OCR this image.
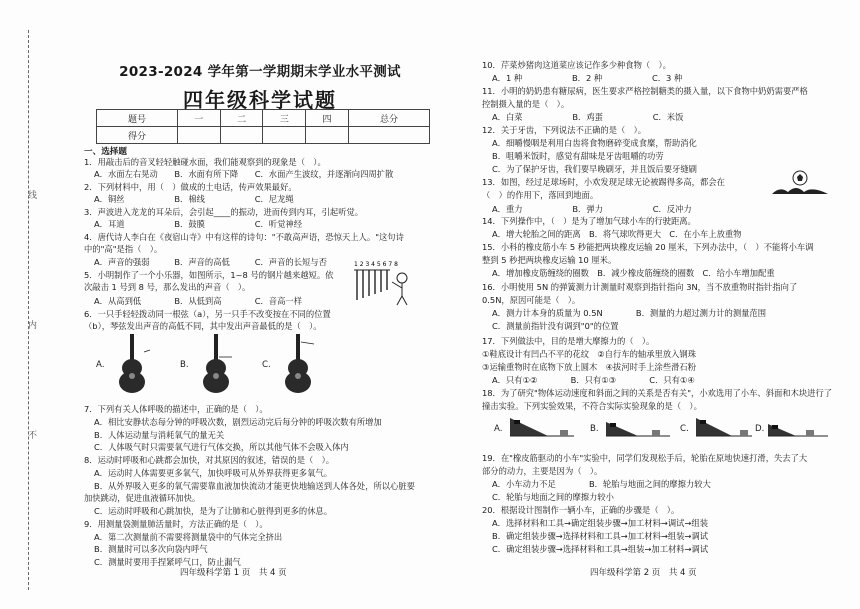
线
内
不
2023-2024 学年第一学期期末学业水平测试
四年级科学试题
题号	一	二	三	四	总分
得分					
一、选择题
1．用敲击后的音叉轻轻触碰水面，我们能观察到的现象是（　）。
A．水面左右晃动　　B．水面有所下降　　C．水面产生波纹，并逐渐向四周扩散
2．下列材料中，用（　）做成的土电话，传声效果最好。
A．铜丝　　　　　　B．棉线　　　　　　C．尼龙绳
3．声波进入龙龙的耳朵后，会引起____的振动，进而传到内耳，引起听觉。
A．耳道　　　　　　B．鼓膜　　　　　　C．听觉神经
4．唐代诗人李白在《夜宿山寺》中有这样的诗句："不敢高声语，恐惊天上人。"这句诗
中的"高"是指（　）。
A．声音的强弱　　　B．声音的高低　　　C．声音的长短与否
5．小明制作了一个小乐器，如图所示，1~8 号的钢片越来越短。依
次敲击 1 号到 8 号，那么发出的声音（　）。
A．从高到低　　　　B．从低到高　　　　C．音高一样
6．一只手轻轻拨动同一根弦（a），另一只手不改变按在不同的位置
（b），琴弦发出声音的高低不同，其中发出声音最低的是（　）。
7．下列有关人体呼吸的描述中，正确的是（　）。
A．相比安静状态每分钟的呼吸次数，剧烈运动完后每分钟的呼吸次数有所增加
B．人体运动量与消耗氧气的量无关
C．人体吸气时只需要氧气进行气体交换，所以其他气体不会吸入体内
8．运动时呼吸和心跳都会加快，对其原因的叙述，错误的是（　）。
A．运动时人体需要更多氧气，加快呼吸可从外界获得更多氧气。
B．从外界吸入更多的氧气需要靠血液加快流动才能更快地输送到人体各处，所以心脏要
加快跳动，促进血液循环加快。
C．运动时呼吸和心跳加快，是为了让肺和心脏得到更多的休息。
9．用测量袋测量肺活量时，方法正确的是（　）。
A．第二次测量前不需要将测量袋中的气体完全挤出
B．测量时可以多次向袋内呼气
C．测量时要用手捏紧呼气口，防止漏气
1 2 3 4 5 6 7 8
A.	B.	C.
10．芹菜炒猪肉这道菜应该记作多少种食物（　）。
A．1 种　　　　　　B．2 种　　　　　　C．3 种
11．小明的奶奶患有糖尿病，医生要求严格控制糖类的摄入量，以下食物中奶奶需要严格
控制摄入量的是（　）。
A．白菜　　　　　　B．鸡蛋　　　　　　C．米饭
12．关于牙齿，下列说法不正确的是（　）。
A．细嚼慢咽是利用白齿将食物磨碎变成食糜，帮助消化
B．咀嚼米饭时，感觉有甜味是牙齿咀嚼的功劳
C．为了保护牙齿，我们要早晚刷牙，并且饭后要牙缝刷
13．如图，经过足球场时，小欢发现足球无论被踢得多高，都会在
（　）的作用下，落回到地面。
A．重力　　　　　　B．弹力　　　　　　C．反冲力
14．下列操作中，（　）是为了增加气球小车的行驶距离。
A．增大轮胎之间的距离　B．将气球吹得更大　C．在小车上放重物
15．小科的橡皮筋小车 5 秒能把两块橡皮运输 20 厘米，下列办法中，（　）不能将小车调
整到 5 秒把两块橡皮运输 10 厘米。
A．增加橡皮筋缠绕的圈数　B．减少橡皮筋缠绕的圈数　C．给小车增加配重
16．小明使用 5N 的弹簧测力计测量时观察到指针指向 3N，当不放重物时指针指向了
0.5N，原因可能是（　）。
A．测力计本身的质量为 0.5N　　　　B．测量的力超过测力计的测量范围
C．测量前指针没有调到"0"的位置
17．下列做法中，目的是增大摩擦力的（　）。
①鞋底设计有凹凸不平的花纹　②自行车的轴承里放入钢珠
③运输重物时在底物下放上圆木　④拔河时手上涂些滑石粉
A．只有①②　　　　B．只有①③　　　　C．只有①④
18．为了研究"物体运动速度和斜面之间的关系是否有关"，小欢选用了小车、斜面和木块进行了
撞击实验。下列实验效果，不符合实际实验现象的是（　）。
19．在"橡皮筋驱动的小车"实验中，同学们发现松手后，轮胎在原地快速打滑，失去了大
部分的动力，主要是因为（　）。
A．小车动力不足　　　　B．轮胎与地面之间的摩擦力较大
C．轮胎与地面之间的摩擦力较小
20．根据设计图制作一辆小车，正确的步骤是（　）。
A．选择材料和工具→确定组装步骤→加工材料→调试→组装
B．确定组装步骤→选择材料和工具→加工材料→组装→调试
C．确定组装步骤→选择材料和工具→组装→加工材料→调试
A.	B.	C.	D.
四年级科学第 1 页　共 4 页	四年级科学第 2 页　共 4 页
